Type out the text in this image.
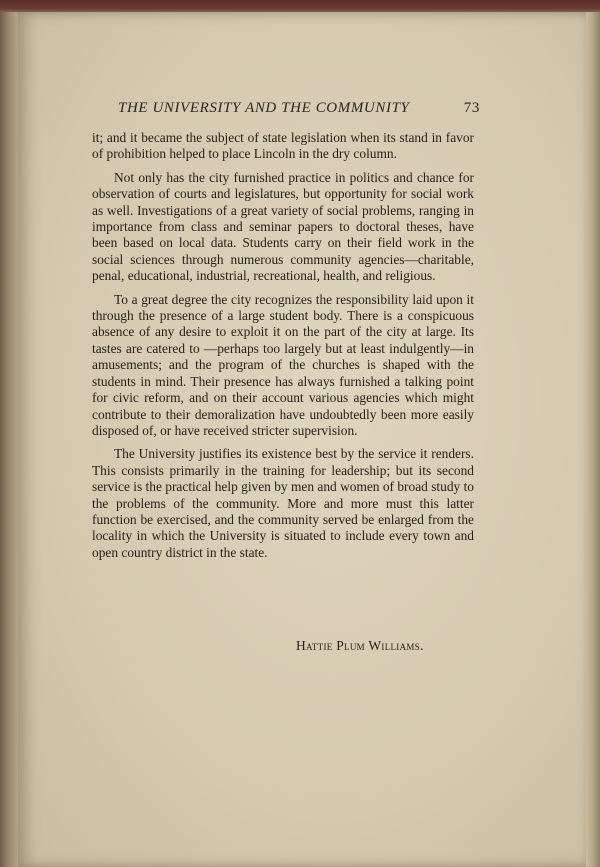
THE UNIVERSITY AND THE COMMUNITY	73

it; and it became the subject of state legislation when its stand in favor of prohibition helped to place Lincoln in the dry column.

Not only has the city furnished practice in politics and chance for observation of courts and legislatures, but opportunity for social work as well. Investigations of a great variety of social problems, ranging in importance from class and seminar papers to doctoral theses, have been based on local data. Students carry on their field work in the social sciences through numerous community agencies—charitable, penal, educational, industrial, recreational, health, and religious.

To a great degree the city recognizes the responsibility laid upon it through the presence of a large student body. There is a conspicuous absence of any desire to exploit it on the part of the city at large. Its tastes are catered to —perhaps too largely but at least indulgently—in amusements; and the program of the churches is shaped with the students in mind. Their presence has always furnished a talking point for civic reform, and on their account various agencies which might contribute to their demoralization have undoubtedly been more easily disposed of, or have received stricter supervision.

The University justifies its existence best by the service it renders. This consists primarily in the training for leadership; but its second service is the practical help given by men and women of broad study to the problems of the community. More and more must this latter function be exercised, and the community served be enlarged from the locality in which the University is situated to include every town and open country district in the state.

Hattie Plum Williams.
